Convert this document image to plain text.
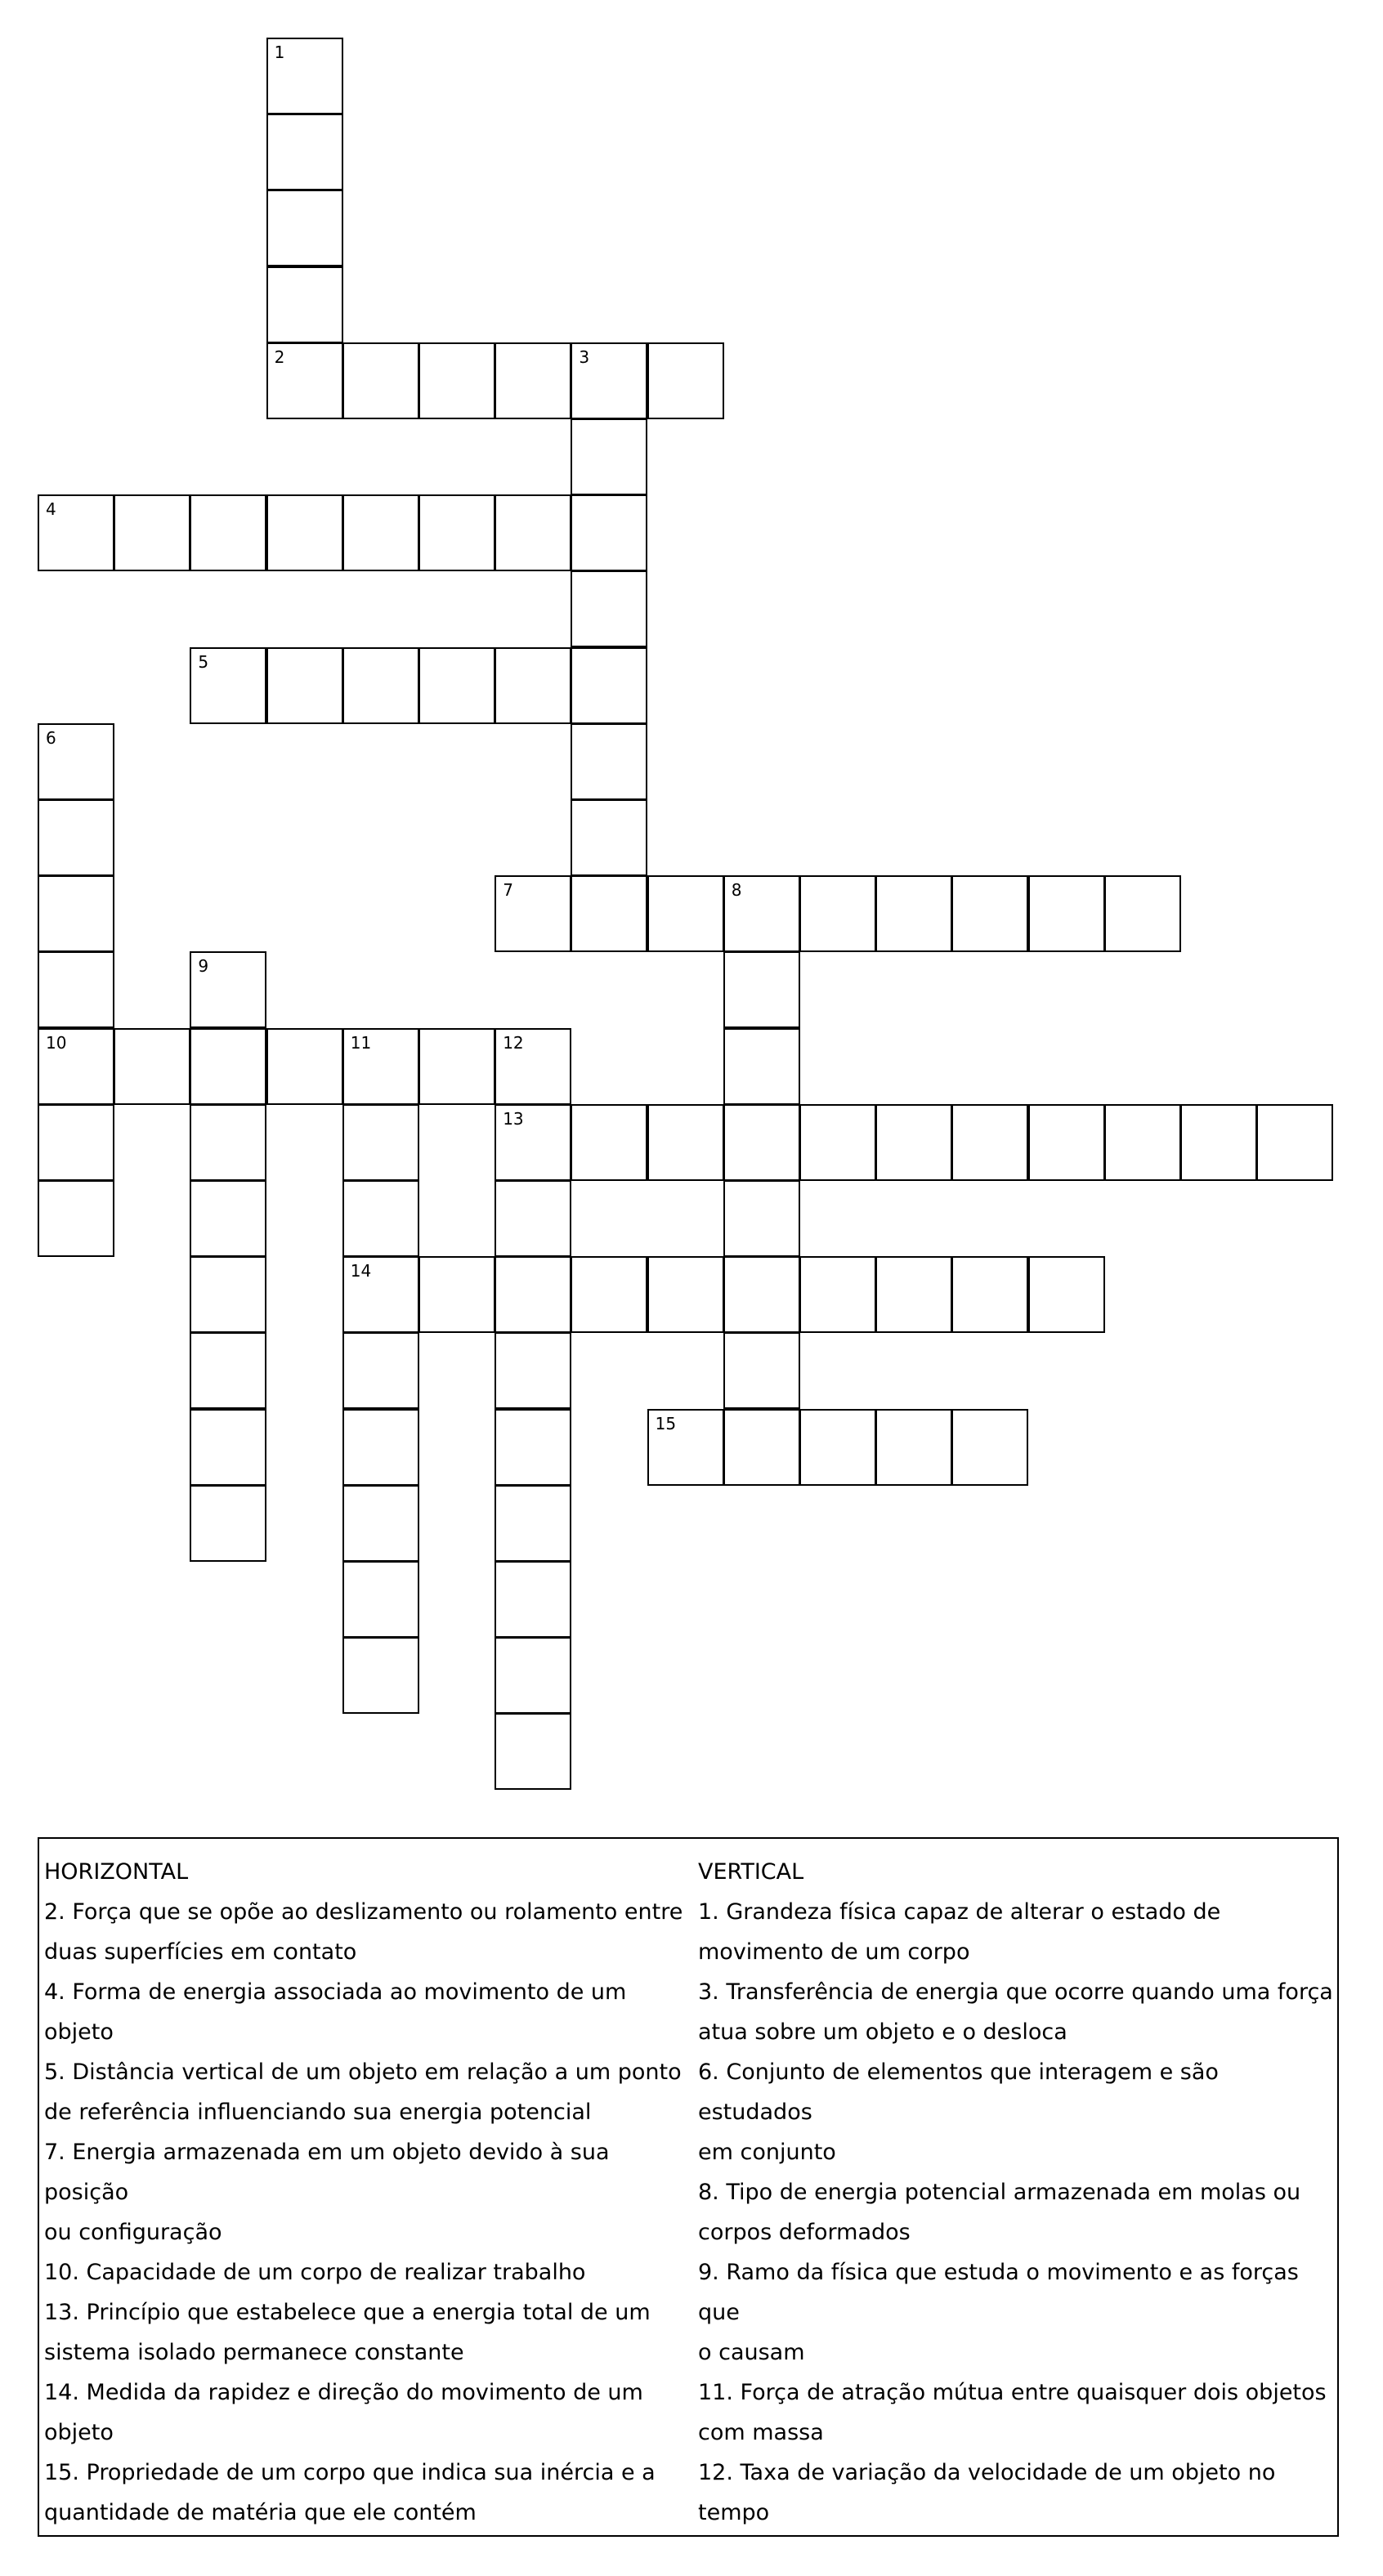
1
2	3
4
5
6
10
7	8
9
12
11
14
13
15
HORIZONTAL
2. Força que se opõe ao deslizamento ou rolamento entre
duas superfícies em contato
4. Forma de energia associada ao movimento de um
objeto
5. Distância vertical de um objeto em relação a um ponto
de referência influenciando sua energia potencial
7. Energia armazenada em um objeto devido à sua posição
ou configuração
10. Capacidade de um corpo de realizar trabalho
13. Princípio que estabelece que a energia total de um
sistema isolado permanece constante
14. Medida da rapidez e direção do movimento de um
objeto
15. Propriedade de um corpo que indica sua inércia e a
quantidade de matéria que ele contém
VERTICAL
1. Grandeza física capaz de alterar o estado de
movimento de um corpo
3. Transferência de energia que ocorre quando uma força
atua sobre um objeto e o desloca
6. Conjunto de elementos que interagem e são estudados
em conjunto
8. Tipo de energia potencial armazenada em molas ou
corpos deformados
9. Ramo da física que estuda o movimento e as forças que
o causam
11. Força de atração mútua entre quaisquer dois objetos
com massa
12. Taxa de variação da velocidade de um objeto no
tempo
